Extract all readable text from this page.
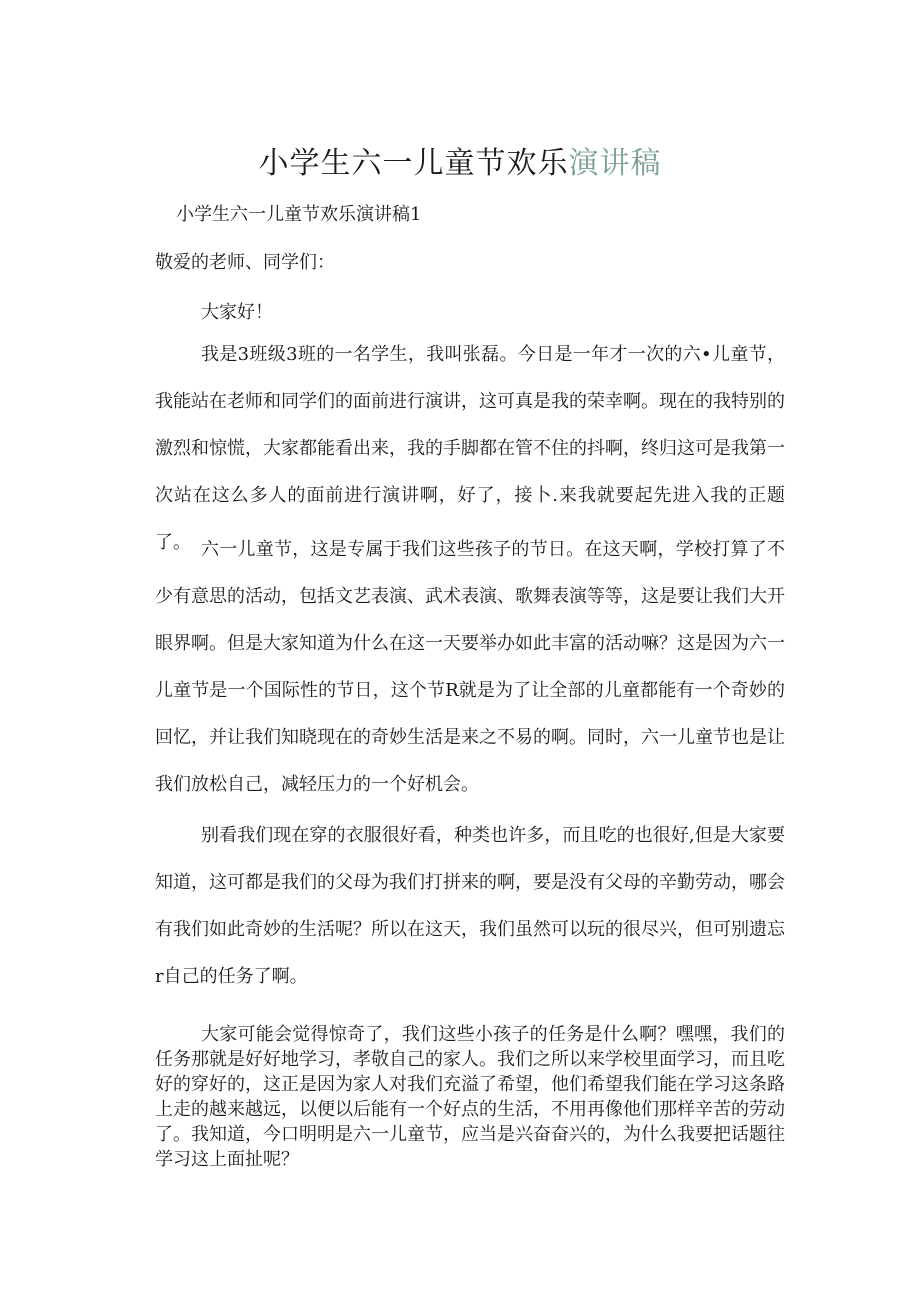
小学生六一儿童节欢乐演讲稿
小学生六一儿童节欢乐演讲稿1
敬爱的老师、同学们：
大家好！

我是3班级3班的一名学生，我叫张磊。今日是一年才一次的六•儿童节，我能站在老师和同学们的面前进行演讲，这可真是我的荣幸啊。现在的我特别的激烈和惊慌，大家都能看出来，我的手脚都在管不住的抖啊，终归这可是我第一次站在这么多人的面前进行演讲啊，好了，接卜.来我就要起先进入我的正题了。 六一儿童节，这是专属于我们这些孩子的节日。在这天啊，学校打算了不少有意思的活动，包括文艺表演、武术表演、歌舞表演等等，这是要让我们大开眼界啊。但是大家知道为什么在这一天要举办如此丰富的活动嘛？这是因为六一儿童节是一个国际性的节日，这个节R就是为了让全部的儿童都能有一个奇妙的回忆，并让我们知晓现在的奇妙生活是来之不易的啊。同时，六一儿童节也是让我们放松自己，减轻压力的一个好机会。

别看我们现在穿的衣服很好看，种类也许多，而且吃的也很好,但是大家要知道，这可都是我们的父母为我们打拼来的啊，要是没有父母的辛勤劳动，哪会有我们如此奇妙的生活呢？所以在这天，我们虽然可以玩的很尽兴，但可别遗忘r自己的任务了啊。

大家可能会觉得惊奇了，我们这些小孩子的任务是什么啊？嘿嘿，我们的任务那就是好好地学习，孝敬自己的家人。我们之所以来学校里面学习，而且吃好的穿好的，这正是因为家人对我们充溢了希望，他们希望我们能在学习这条路上走的越来越远，以便以后能有一个好点的生活，不用再像他们那样辛苦的劳动了。我知道，今口明明是六一儿童节，应当是兴奋奋兴的，为什么我要把话题往学习这上面扯呢？
